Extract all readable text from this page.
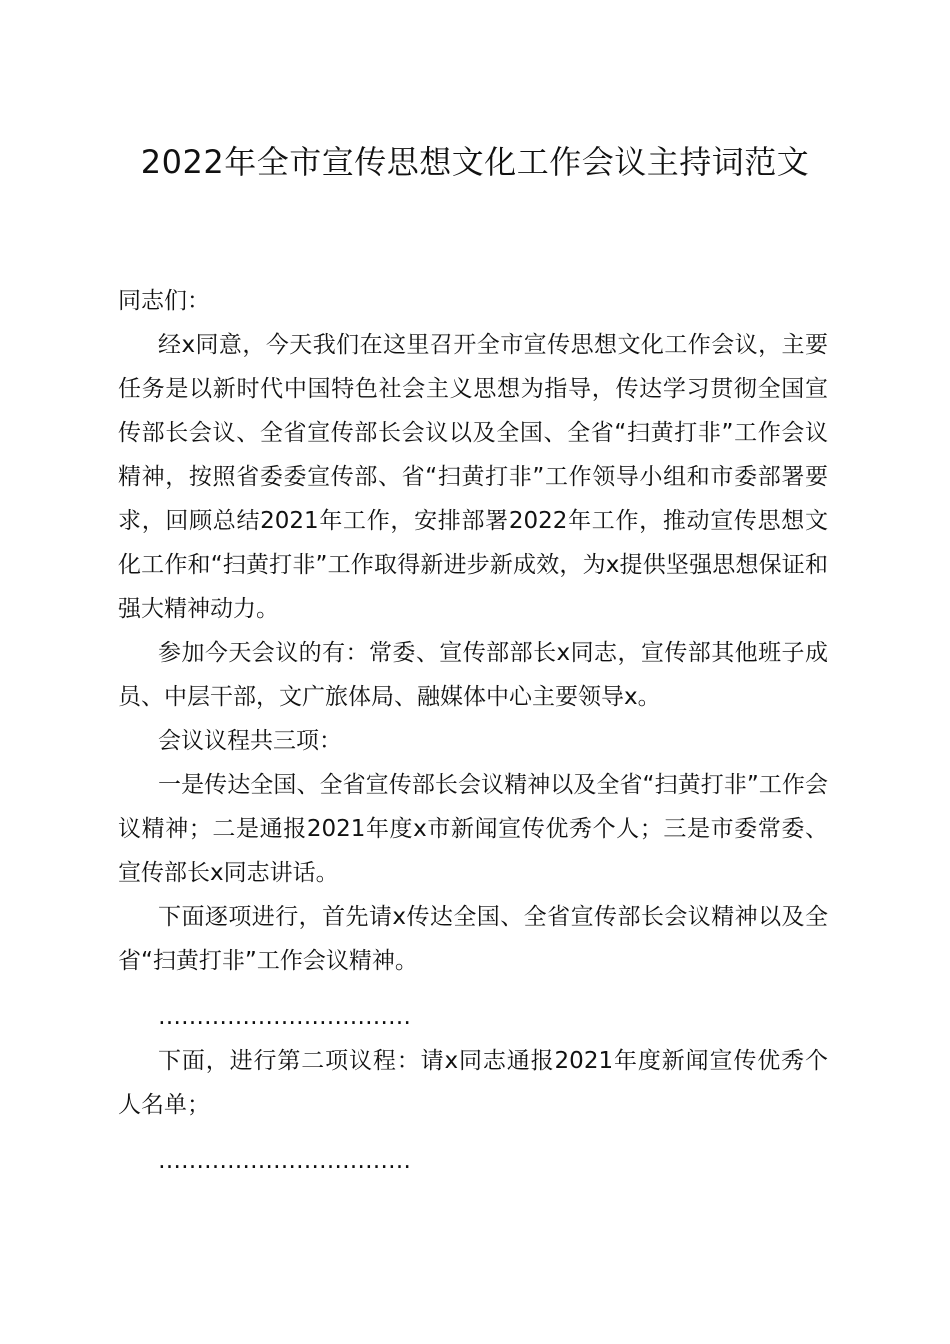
2022年全市宣传思想文化工作会议主持词范文

同志们：

经x同意，今天我们在这里召开全市宣传思想文化工作会议，主要任务是以新时代中国特色社会主义思想为指导，传达学习贯彻全国宣传部长会议、全省宣传部长会议以及全国、全省“扫黄打非”工作会议精神，按照省委委宣传部、省“扫黄打非”工作领导小组和市委部署要求，回顾总结2021年工作，安排部署2022年工作，推动宣传思想文化工作和“扫黄打非”工作取得新进步新成效，为x提供坚强思想保证和强大精神动力。

参加今天会议的有：常委、宣传部部长x同志，宣传部其他班子成员、中层干部，文广旅体局、融媒体中心主要领导x。

会议议程共三项：

一是传达全国、全省宣传部长会议精神以及全省“扫黄打非”工作会议精神；二是通报2021年度x市新闻宣传优秀个人；三是市委常委、宣传部长x同志讲话。

下面逐项进行，首先请x传达全国、全省宣传部长会议精神以及全省“扫黄打非”工作会议精神。

……………………………

下面，进行第二项议程：请x同志通报2021年度新闻宣传优秀个人名单；

……………………………
